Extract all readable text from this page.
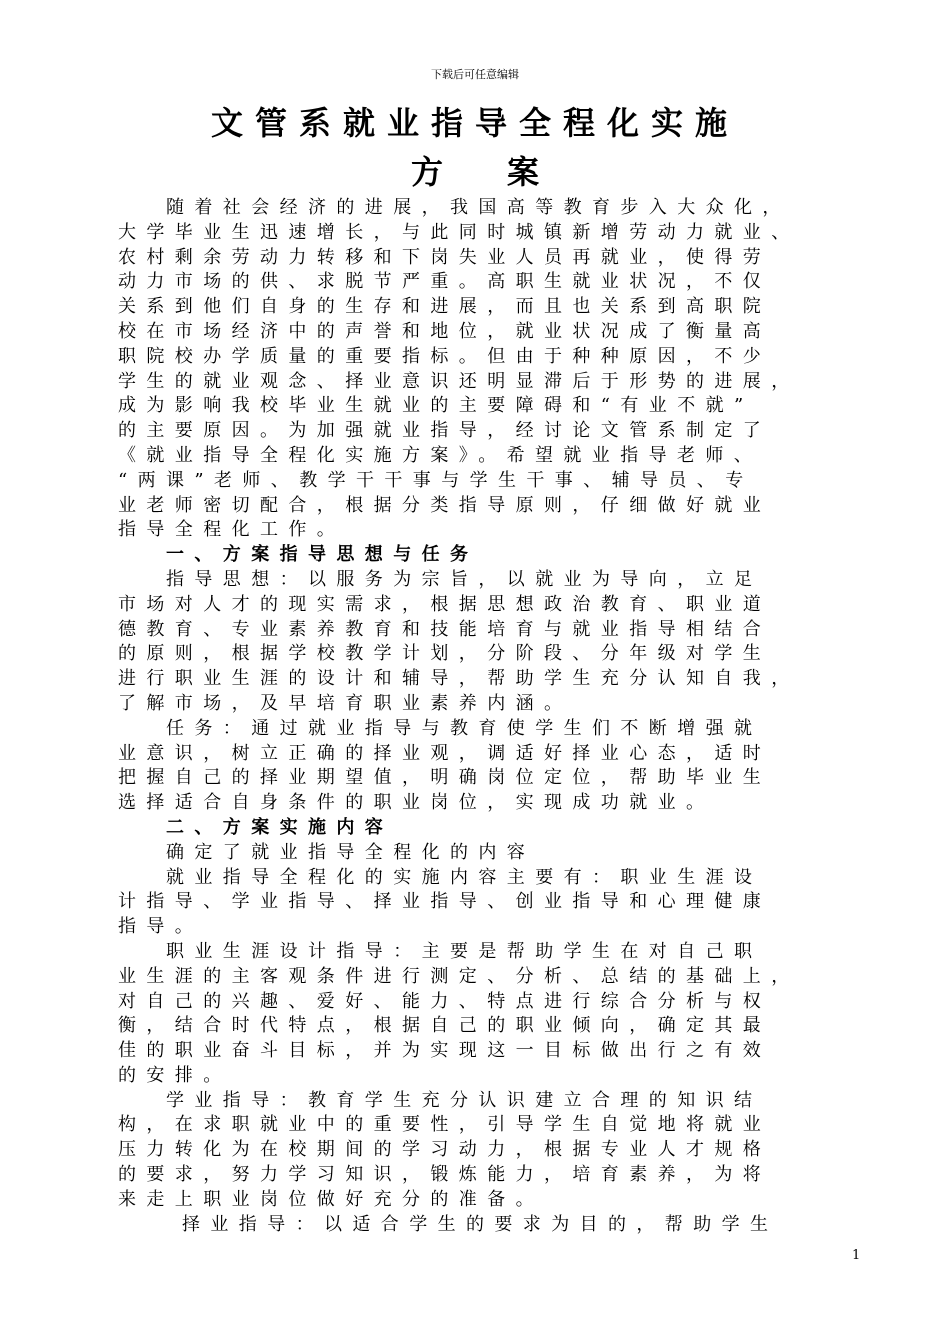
下载后可任意编辑
文管系就业指导全程化实施
方案
随着社会经济的进展，我国高等教育步入大众化，
大学毕业生迅速增长，与此同时城镇新增劳动力就业、
农村剩余劳动力转移和下岗失业人员再就业，使得劳
动力市场的供、求脱节严重。高职生就业状况，不仅
关系到他们自身的生存和进展，而且也关系到高职院
校在市场经济中的声誉和地位，就业状况成了衡量高
职院校办学质量的重要指标。但由于种种原因，不少
学生的就业观念、择业意识还明显滞后于形势的进展，
成为影响我校毕业生就业的主要障碍和“有业不就”
的主要原因。为加强就业指导，经讨论文管系制定了
《就业指导全程化实施方案》。希望就业指导老师、
“两课”老师、教学干干事与学生干事、辅导员、专
业老师密切配合，根据分类指导原则，仔细做好就业
指导全程化工作。
一、方案指导思想与任务
指导思想：以服务为宗旨，以就业为导向，立足
市场对人才的现实需求，根据思想政治教育、职业道
德教育、专业素养教育和技能培育与就业指导相结合
的原则，根据学校教学计划，分阶段、分年级对学生
进行职业生涯的设计和辅导，帮助学生充分认知自我，
了解市场，及早培育职业素养内涵。
任务：通过就业指导与教育使学生们不断增强就
业意识，树立正确的择业观，调适好择业心态，适时
把握自己的择业期望值，明确岗位定位，帮助毕业生
选择适合自身条件的职业岗位，实现成功就业。
二、方案实施内容
确定了就业指导全程化的内容
就业指导全程化的实施内容主要有：职业生涯设
计指导、学业指导、择业指导、创业指导和心理健康
指导。
职业生涯设计指导：主要是帮助学生在对自己职
业生涯的主客观条件进行测定、分析、总结的基础上，
对自己的兴趣、爱好、能力、特点进行综合分析与权
衡，结合时代特点，根据自己的职业倾向，确定其最
佳的职业奋斗目标，并为实现这一目标做出行之有效
的安排。
学业指导：教育学生充分认识建立合理的知识结
构，在求职就业中的重要性，引导学生自觉地将就业
压力转化为在校期间的学习动力，根据专业人才规格
的要求，努力学习知识，锻炼能力，培育素养，为将
来走上职业岗位做好充分的准备。
择业指导：以适合学生的要求为目的，帮助学生
1
